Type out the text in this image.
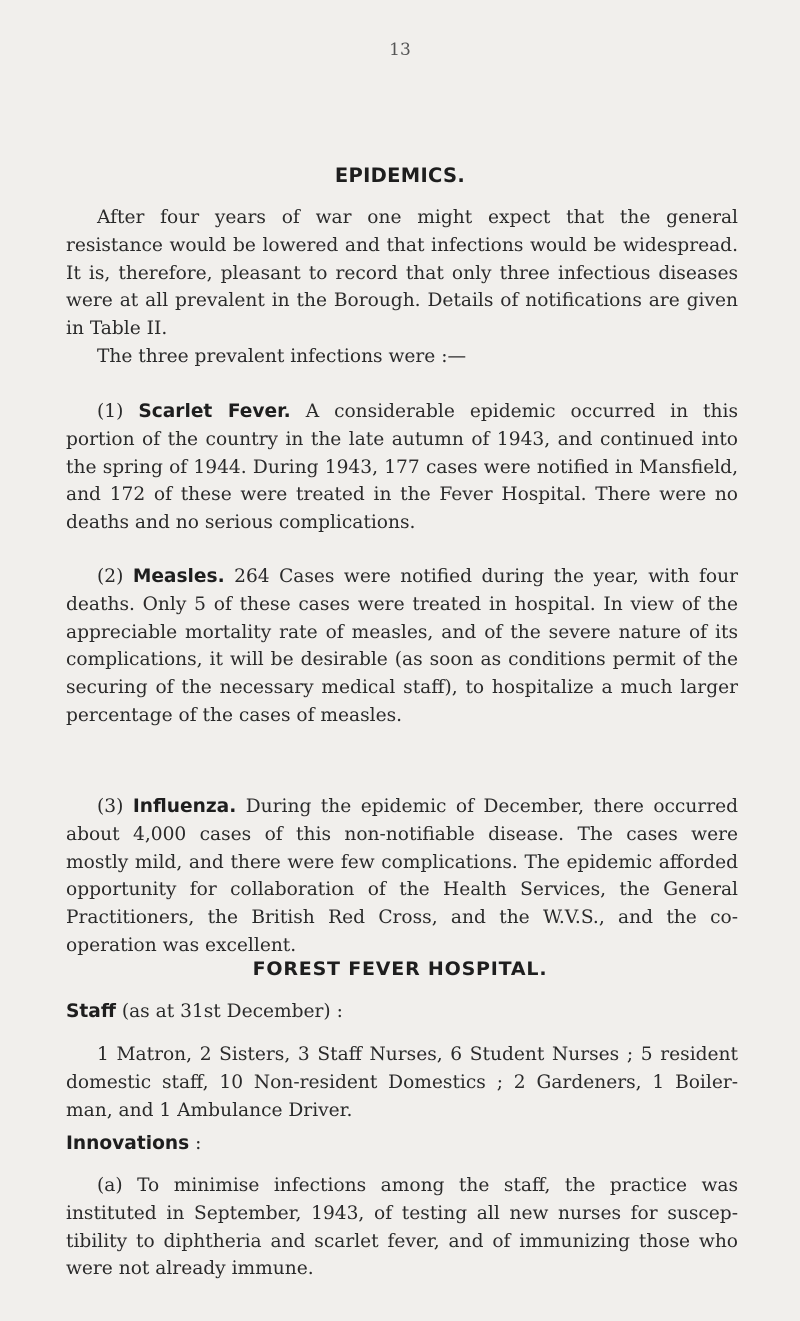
13
EPIDEMICS.

After four years of war one might expect that the general resistance would be lowered and that infections would be widespread. It is, therefore, pleasant to record that only three infectious diseases were at all prevalent in the Borough. Details of notifications are given in Table II.

The three prevalent infections were :—

(1) Scarlet Fever. A considerable epidemic occurred in this portion of the country in the late autumn of 1943, and continued into the spring of 1944. During 1943, 177 cases were notified in Mansfield, and 172 of these were treated in the Fever Hospital. There were no deaths and no serious complications.

(2) Measles. 264 Cases were notified during the year, with four deaths. Only 5 of these cases were treated in hospital. In view of the appreciable mortality rate of measles, and of the severe nature of its complications, it will be desirable (as soon as conditions permit of the securing of the necessary medical staff), to hospitalize a much larger percentage of the cases of measles.

(3) Influenza. During the epidemic of December, there occurred about 4,000 cases of this non-notifiable disease. The cases were mostly mild, and there were few complications. The epidemic afforded opportunity for collaboration of the Health Services, the General Practitioners, the British Red Cross, and the W.V.S., and the co-operation was excellent.

FOREST FEVER HOSPITAL.

Staff (as at 31st December) :

1 Matron, 2 Sisters, 3 Staff Nurses, 6 Student Nurses ; 5 resident domestic staff, 10 Non-resident Domestics ; 2 Gardeners, 1 Boiler-man, and 1 Ambulance Driver.

Innovations :

(a) To minimise infections among the staff, the practice was instituted in September, 1943, of testing all new nurses for suscep-tibility to diphtheria and scarlet fever, and of immunizing those who were not already immune.
